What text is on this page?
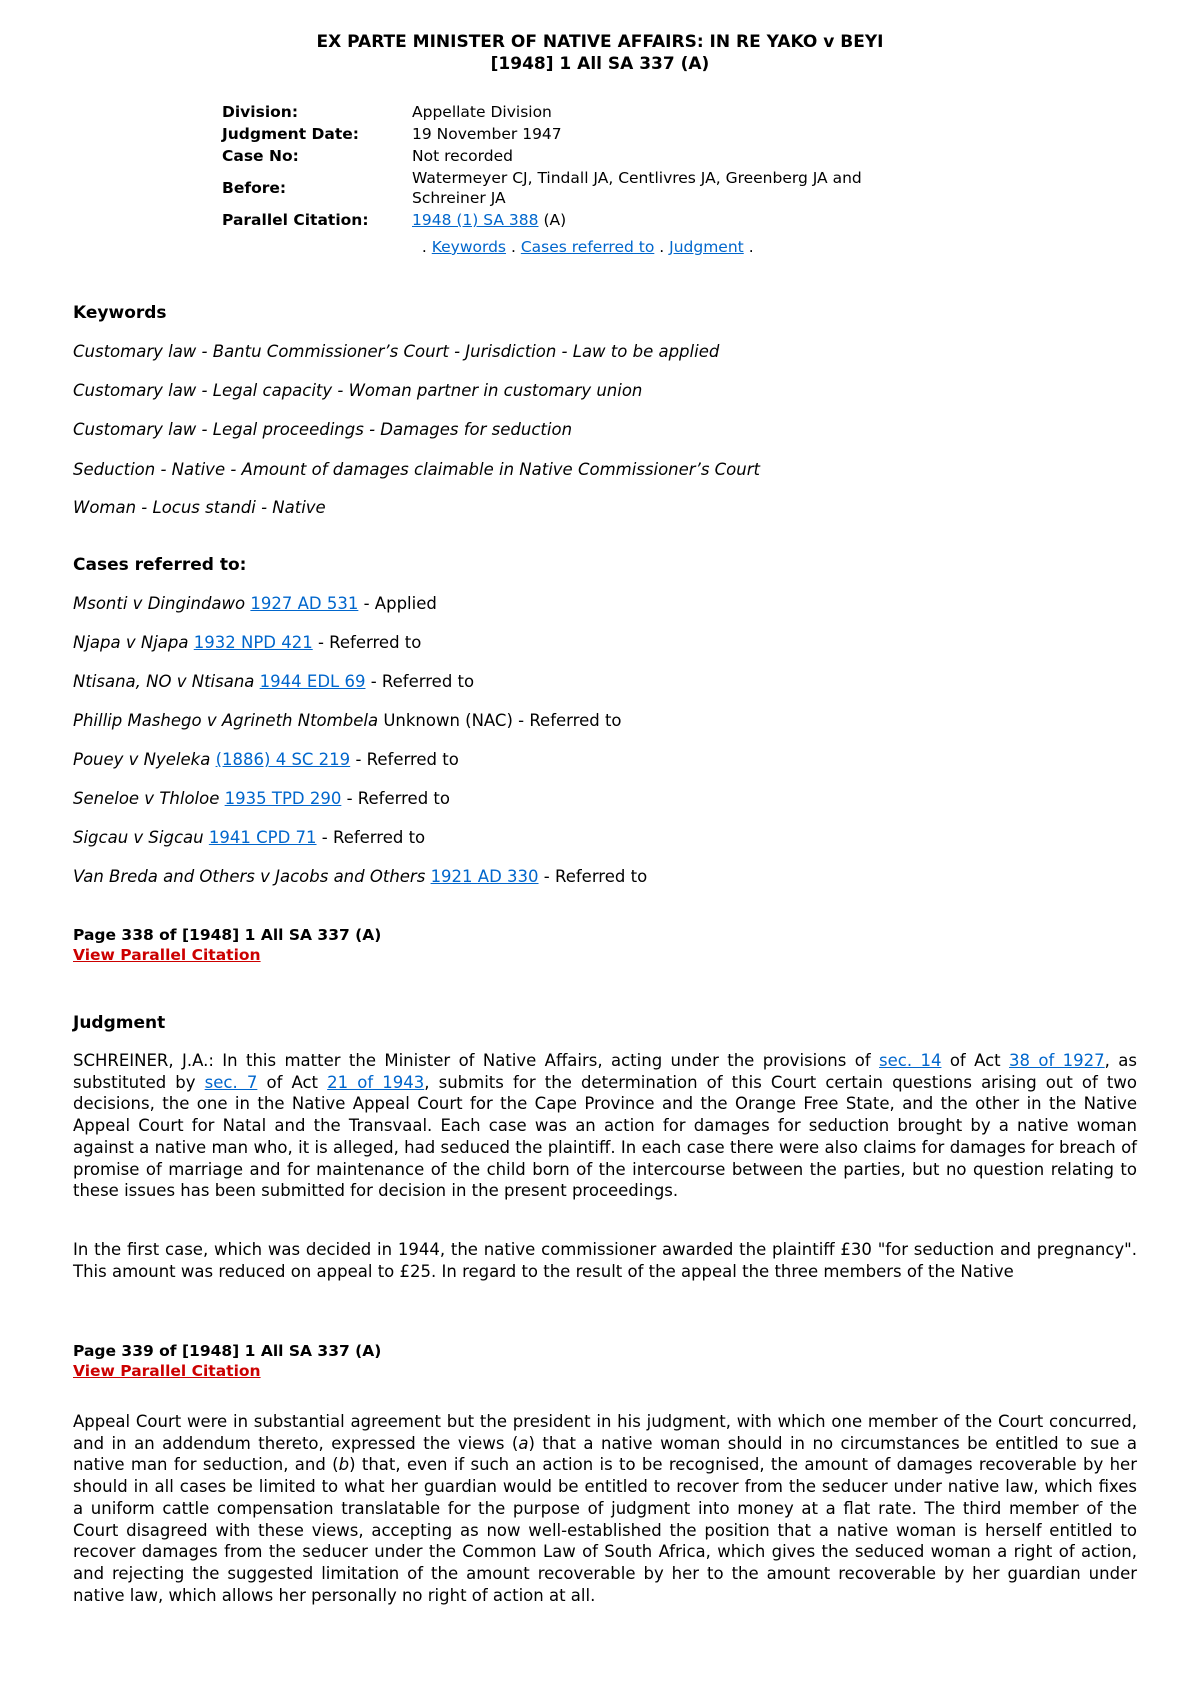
EX PARTE MINISTER OF NATIVE AFFAIRS: IN RE YAKO v BEYI
[1948] 1 All SA 337 (A)
Division:	Appellate Division
Judgment Date:	19 November 1947
Case No:	Not recorded
Before:	Watermeyer CJ, Tindall JA, Centlivres JA, Greenberg JA and Schreiner JA
Parallel Citation:	1948 (1) SA 388 (A)
	. Keywords . Cases referred to . Judgment .
Keywords

Customary law - Bantu Commissioner’s Court - Jurisdiction - Law to be applied

Customary law - Legal capacity - Woman partner in customary union

Customary law - Legal proceedings - Damages for seduction

Seduction - Native - Amount of damages claimable in Native Commissioner’s Court

Woman - Locus standi - Native

Cases referred to:

Msonti v Dingindawo 1927 AD 531 - Applied

Njapa v Njapa 1932 NPD 421 - Referred to

Ntisana, NO v Ntisana 1944 EDL 69 - Referred to

Phillip Mashego v Agrineth Ntombela Unknown (NAC) - Referred to

Pouey v Nyeleka (1886) 4 SC 219 - Referred to

Seneloe v Thloloe 1935 TPD 290 - Referred to

Sigcau v Sigcau 1941 CPD 71 - Referred to

Van Breda and Others v Jacobs and Others 1921 AD 330 - Referred to

Page 338 of [1948] 1 All SA 337 (A)
View Parallel Citation
Judgment

SCHREINER, J.A.: In this matter the Minister of Native Affairs, acting under the provisions of sec. 14 of Act 38 of 1927, as substituted by sec. 7 of Act 21 of 1943, submits for the determination of this Court certain questions arising out of two decisions, the one in the Native Appeal Court for the Cape Province and the Orange Free State, and the other in the Native Appeal Court for Natal and the Transvaal. Each case was an action for damages for seduction brought by a native woman against a native man who, it is alleged, had seduced the plaintiff. In each case there were also claims for damages for breach of promise of marriage and for maintenance of the child born of the intercourse between the parties, but no question relating to these issues has been submitted for decision in the present proceedings.

In the first case, which was decided in 1944, the native commissioner awarded the plaintiff £30 "for seduction and pregnancy". This amount was reduced on appeal to £25. In regard to the result of the appeal the three members of the Native

Page 339 of [1948] 1 All SA 337 (A)
View Parallel Citation

Appeal Court were in substantial agreement but the president in his judgment, with which one member of the Court concurred, and in an addendum thereto, expressed the views (a) that a native woman should in no circumstances be entitled to sue a native man for seduction, and (b) that, even if such an action is to be recognised, the amount of damages recoverable by her should in all cases be limited to what her guardian would be entitled to recover from the seducer under native law, which fixes a uniform cattle compensation translatable for the purpose of judgment into money at a flat rate. The third member of the Court disagreed with these views, accepting as now well-established the position that a native woman is herself entitled to recover damages from the seducer under the Common Law of South Africa, which gives the seduced woman a right of action, and rejecting the suggested limitation of the amount recoverable by her to the amount recoverable by her guardian under native law, which allows her personally no right of action at all.
